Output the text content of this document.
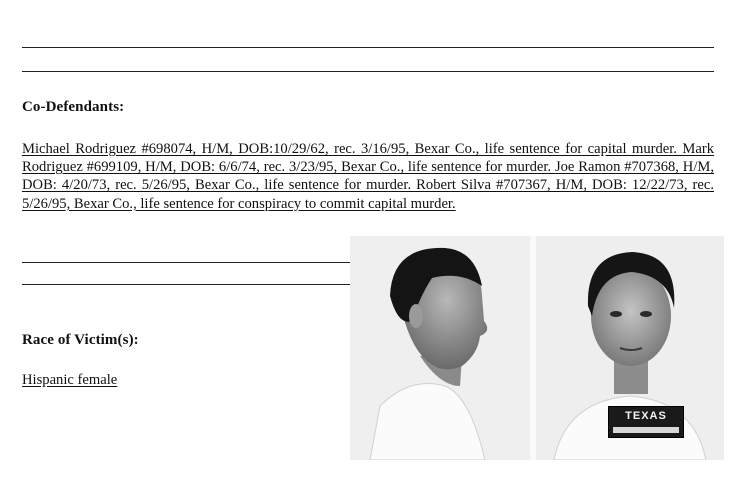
Co-Defendants:
Michael Rodriguez #698074, H/M, DOB:10/29/62, rec. 3/16/95, Bexar Co., life sentence for capital murder. Mark Rodriguez #699109, H/M, DOB: 6/6/74, rec. 3/23/95, Bexar Co., life sentence for murder. Joe Ramon #707368, H/M, DOB: 4/20/73, rec. 5/26/95, Bexar Co., life sentence for murder. Robert Silva #707367, H/M, DOB: 12/22/73, rec. 5/26/95, Bexar Co., life sentence for conspiracy to commit capital murder.
Race of Victim(s):
Hispanic female
TEXAS
